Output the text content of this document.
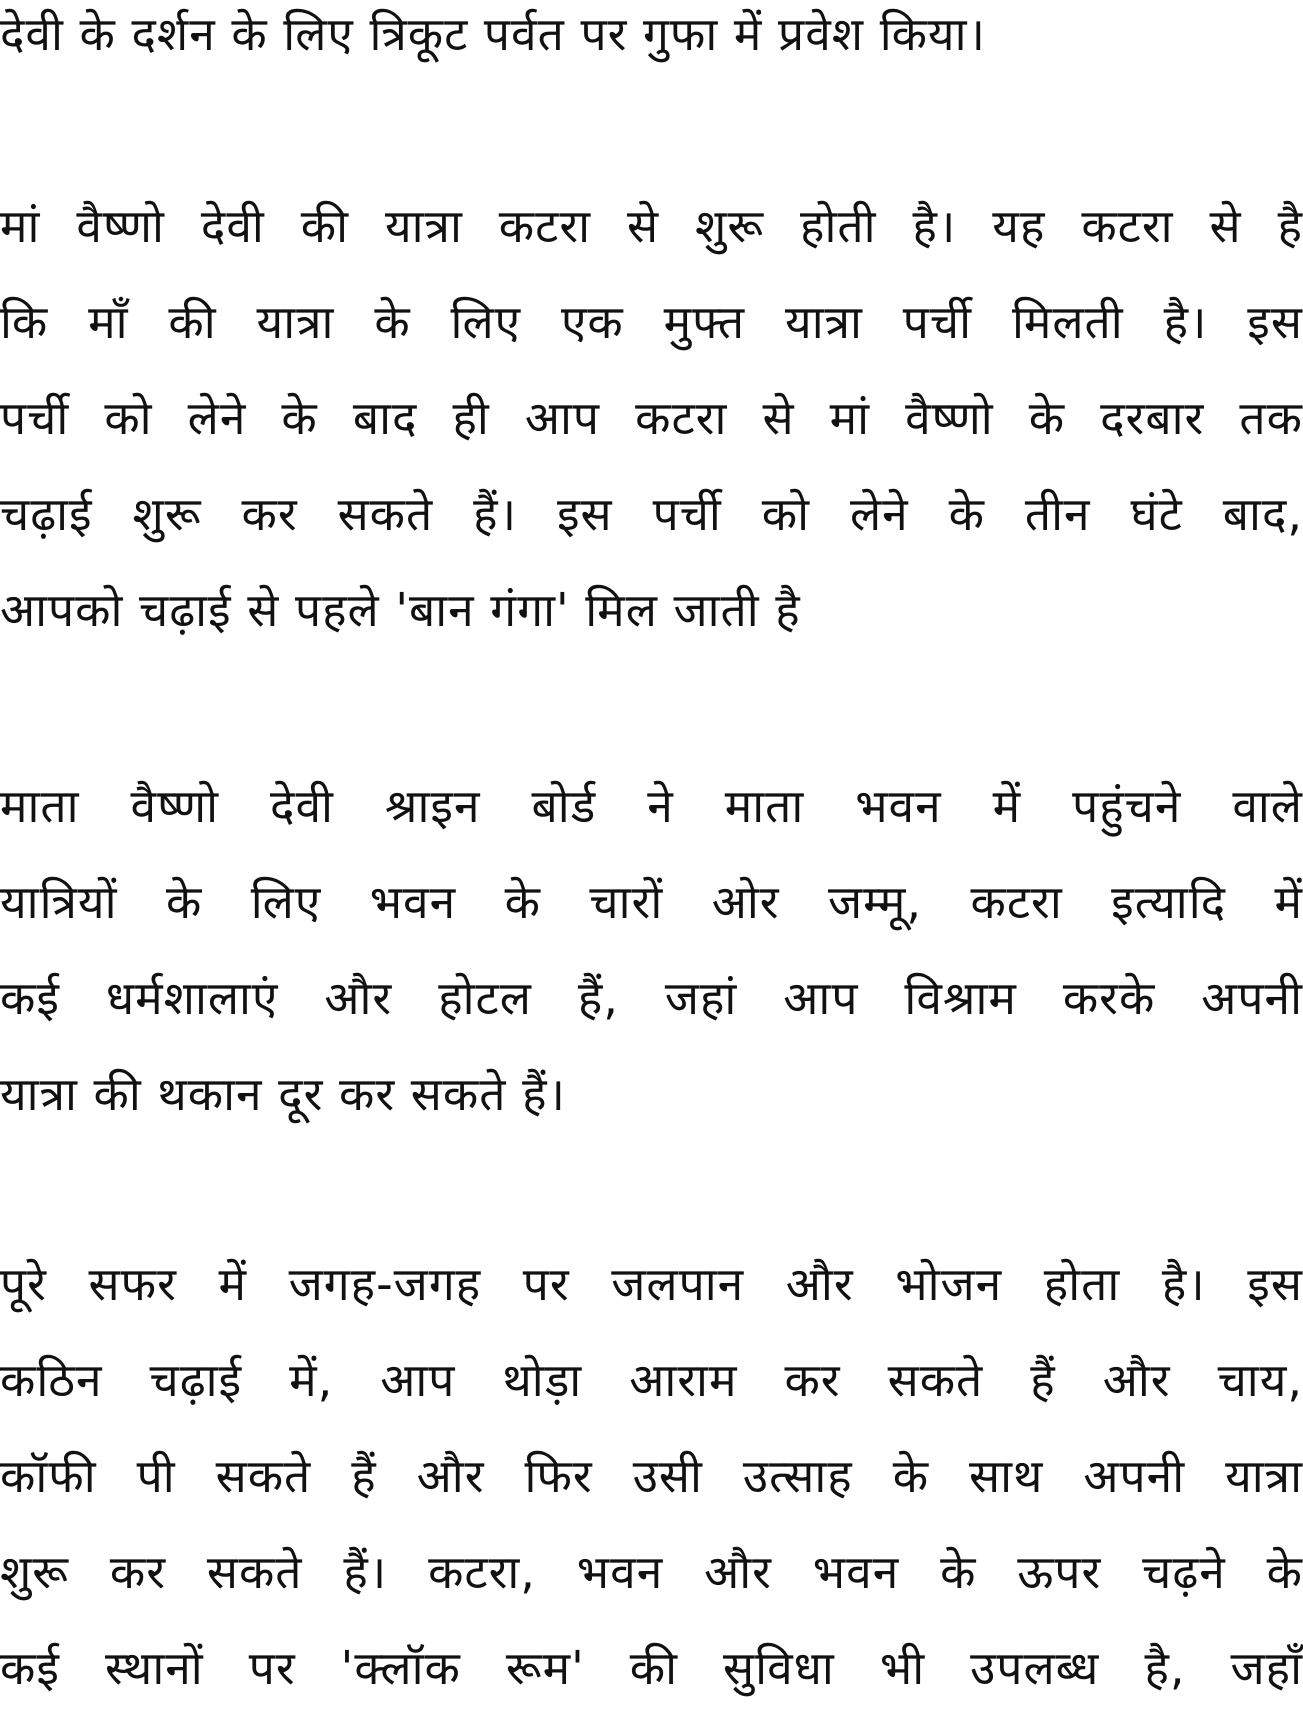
देवी के दर्शन के लिए त्रिकूट पर्वत पर गुफा में प्रवेश किया।
मां वैष्णो देवी की यात्रा कटरा से शुरू होती है। यह कटरा से है
कि माँ की यात्रा के लिए एक मुफ्त यात्रा पर्ची मिलती है। इस
पर्ची को लेने के बाद ही आप कटरा से मां वैष्णो के दरबार तक
चढ़ाई शुरू कर सकते हैं। इस पर्ची को लेने के तीन घंटे बाद,
आपको चढ़ाई से पहले 'बान गंगा' मिल जाती है
माता वैष्णो देवी श्राइन बोर्ड ने माता भवन में पहुंचने वाले
यात्रियों के लिए भवन के चारों ओर जम्मू, कटरा इत्यादि में
कई धर्मशालाएं और होटल हैं, जहां आप विश्राम करके अपनी
यात्रा की थकान दूर कर सकते हैं।
पूरे सफर में जगह-जगह पर जलपान और भोजन होता है। इस
कठिन चढ़ाई में, आप थोड़ा आराम कर सकते हैं और चाय,
कॉफी पी सकते हैं और फिर उसी उत्साह के साथ अपनी यात्रा
शुरू कर सकते हैं। कटरा, भवन और भवन के ऊपर चढ़ने के
कई स्थानों पर 'क्लॉक रूम' की सुविधा भी उपलब्ध है, जहाँ
